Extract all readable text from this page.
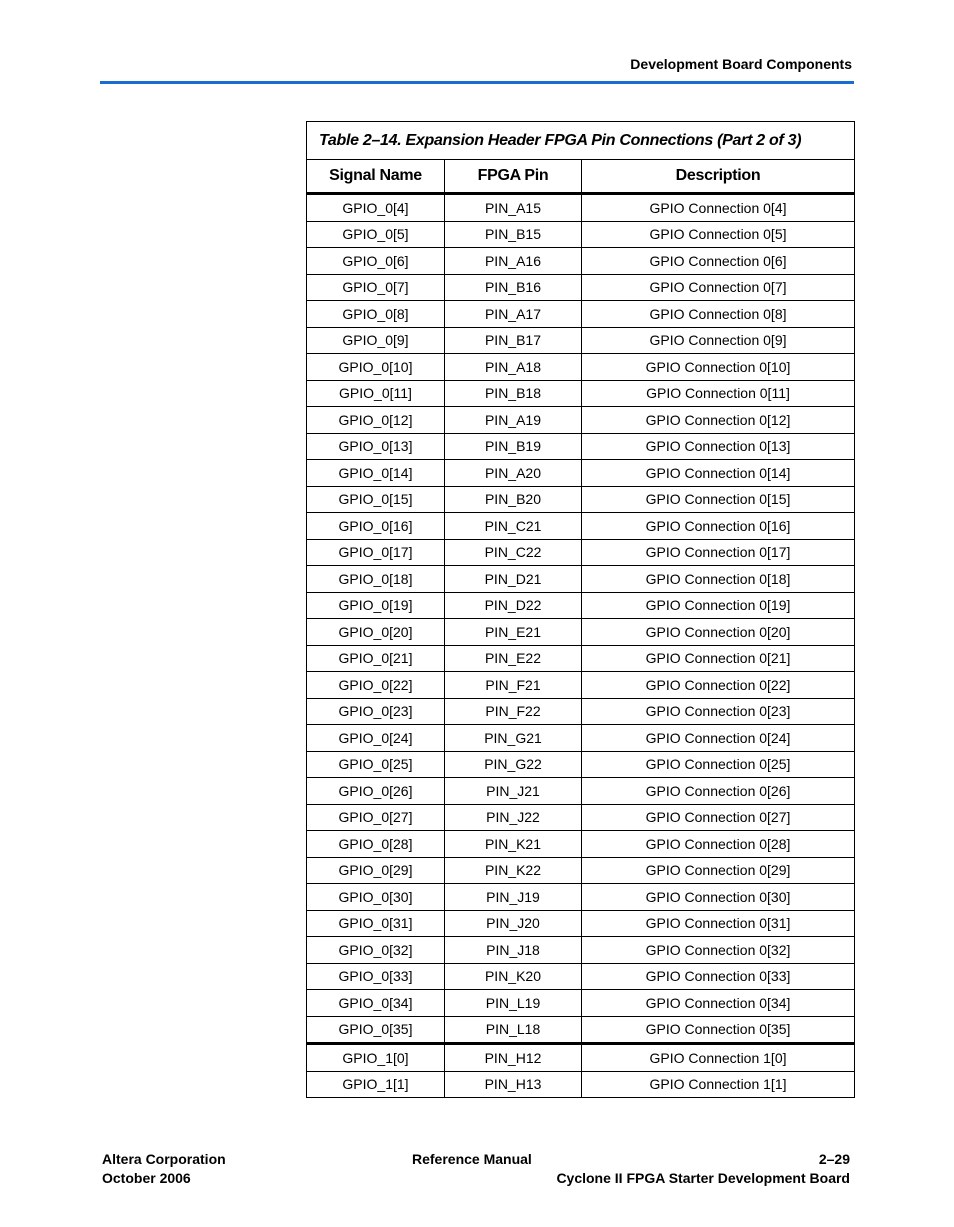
Development Board Components
Table 2–14. Expansion Header FPGA Pin Connections (Part 2 of 3)		
Signal Name	FPGA Pin	Description
GPIO_0[4]	PIN_A15	GPIO Connection 0[4]
GPIO_0[5]	PIN_B15	GPIO Connection 0[5]
GPIO_0[6]	PIN_A16	GPIO Connection 0[6]
GPIO_0[7]	PIN_B16	GPIO Connection 0[7]
GPIO_0[8]	PIN_A17	GPIO Connection 0[8]
GPIO_0[9]	PIN_B17	GPIO Connection 0[9]
GPIO_0[10]	PIN_A18	GPIO Connection 0[10]
GPIO_0[11]	PIN_B18	GPIO Connection 0[11]
GPIO_0[12]	PIN_A19	GPIO Connection 0[12]
GPIO_0[13]	PIN_B19	GPIO Connection 0[13]
GPIO_0[14]	PIN_A20	GPIO Connection 0[14]
GPIO_0[15]	PIN_B20	GPIO Connection 0[15]
GPIO_0[16]	PIN_C21	GPIO Connection 0[16]
GPIO_0[17]	PIN_C22	GPIO Connection 0[17]
GPIO_0[18]	PIN_D21	GPIO Connection 0[18]
GPIO_0[19]	PIN_D22	GPIO Connection 0[19]
GPIO_0[20]	PIN_E21	GPIO Connection 0[20]
GPIO_0[21]	PIN_E22	GPIO Connection 0[21]
GPIO_0[22]	PIN_F21	GPIO Connection 0[22]
GPIO_0[23]	PIN_F22	GPIO Connection 0[23]
GPIO_0[24]	PIN_G21	GPIO Connection 0[24]
GPIO_0[25]	PIN_G22	GPIO Connection 0[25]
GPIO_0[26]	PIN_J21	GPIO Connection 0[26]
GPIO_0[27]	PIN_J22	GPIO Connection 0[27]
GPIO_0[28]	PIN_K21	GPIO Connection 0[28]
GPIO_0[29]	PIN_K22	GPIO Connection 0[29]
GPIO_0[30]	PIN_J19	GPIO Connection 0[30]
GPIO_0[31]	PIN_J20	GPIO Connection 0[31]
GPIO_0[32]	PIN_J18	GPIO Connection 0[32]
GPIO_0[33]	PIN_K20	GPIO Connection 0[33]
GPIO_0[34]	PIN_L19	GPIO Connection 0[34]
GPIO_0[35]	PIN_L18	GPIO Connection 0[35]
GPIO_1[0]	PIN_H12	GPIO Connection 1[0]
GPIO_1[1]	PIN_H13	GPIO Connection 1[1]
Altera Corporation
October 2006
Reference Manual	2–29
Cyclone II FPGA Starter Development Board
